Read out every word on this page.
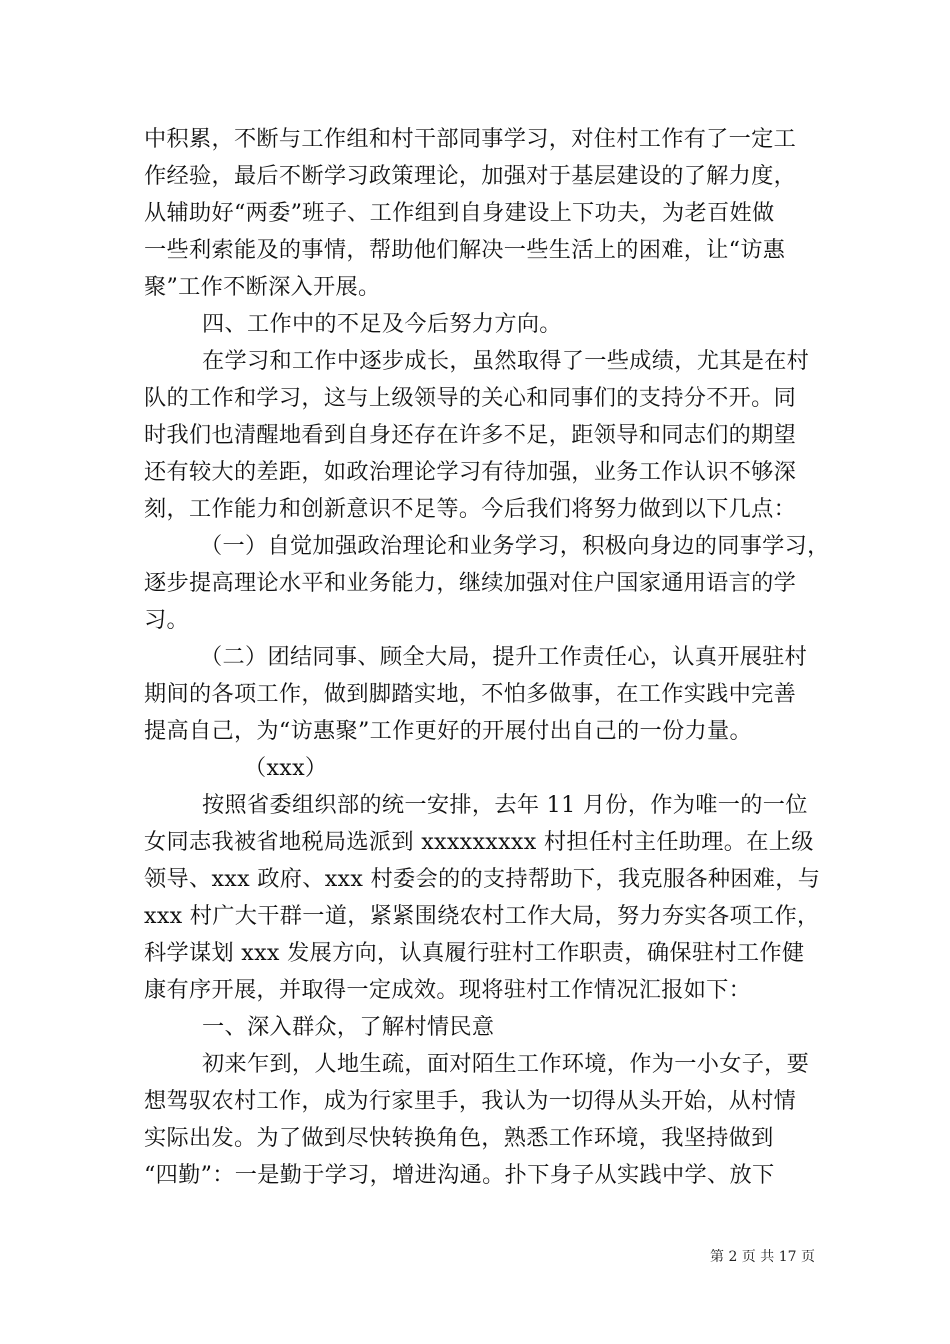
中积累，不断与工作组和村干部同事学习，对住村工作有了一定工
作经验，最后不断学习政策理论，加强对于基层建设的了解力度，
从辅助好“两委”班子、工作组到自身建设上下功夫，为老百姓做
一些利索能及的事情，帮助他们解决一些生活上的困难，让“访惠
聚”工作不断深入开展。
四、工作中的不足及今后努力方向。
在学习和工作中逐步成长，虽然取得了一些成绩，尤其是在村
队的工作和学习，这与上级领导的关心和同事们的支持分不开。同
时我们也清醒地看到自身还存在许多不足，距领导和同志们的期望
还有较大的差距，如政治理论学习有待加强，业务工作认识不够深
刻，工作能力和创新意识不足等。今后我们将努力做到以下几点：
（一）自觉加强政治理论和业务学习，积极向身边的同事学习，
逐步提高理论水平和业务能力，继续加强对住户国家通用语言的学
习。
（二）团结同事、顾全大局，提升工作责任心，认真开展驻村
期间的各项工作，做到脚踏实地，不怕多做事，在工作实践中完善
提高自己，为“访惠聚”工作更好的开展付出自己的一份力量。
（xxx）
按照省委组织部的统一安排，去年 11 月份，作为唯一的一位
女同志我被省地税局选派到 xxxxxxxxx 村担任村主任助理。在上级
领导、xxx 政府、xxx 村委会的的支持帮助下，我克服各种困难，与
xxx 村广大干群一道，紧紧围绕农村工作大局，努力夯实各项工作，
科学谋划 xxx 发展方向，认真履行驻村工作职责，确保驻村工作健
康有序开展，并取得一定成效。现将驻村工作情况汇报如下：
一、深入群众，了解村情民意
初来乍到，人地生疏，面对陌生工作环境，作为一小女子，要
想驾驭农村工作，成为行家里手，我认为一切得从头开始，从村情
实际出发。为了做到尽快转换角色，熟悉工作环境，我坚持做到
“四勤”：一是勤于学习，增进沟通。扑下身子从实践中学、放下
第 2 页 共 17 页
